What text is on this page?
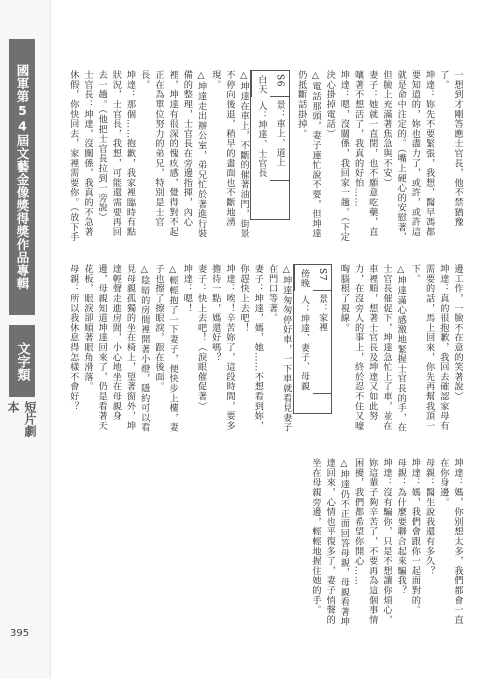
國軍第54屆文藝金像獎得獎作品專輯
文字類
短片劇本
395

一想到才剛答應士官長，他不禁猶豫了。

坤達：妳先不要緊張，我想，醫早馮都要知道的，妳也盡力了，或許，或許這就是命中注定的。（嘴上硬心的安慰著，但臉上充滿著焦急與不安）

妻子：她就一直閉，也不願意吃藥，直嚷著不想活了，我真的好怕……

坤達：嗯，沒關係，我回家一趟。（下定決心掛掉電話）

△電話那頭，妻子連忙說不要，但坤達仍抵斷話掛掉。

S6
白天
景：車上、道上
人：坤達、士官長

△坤達在車上，不斷的催著油門，街景不停向後退，稍早的畫面也不斷地湧現。

△坤達走出辦公室，弟兄忙於著進行裝備的整理，士官長在旁邊指揮，內心裡，坤達有很深的愧疚感，覺得對不起正在為單位努力的弟兄，特別是士官長。

坤達：那個……抱歉，我家裡臨時有點狀況，士官長，我想，可能還需要再回去一趟。（他把士官長拉到一旁說）

士官長：坤達，沒關係，我真的不急著休假，你快回去，家裡需要你。（放下手邊工作，一臉不在意的笑著說）

坤達：真的很抱歉，我回去確認家母有需要的話，馬上回來，你先再幫我頂一下。

△坤達滿心感激地緊握士官長的手，在士官長催促下，坤達急忙上了車，並在車裡順，想著士官長及坤達又如此努力，在沒旁人的事上，終於忍不住又嚎啕腦根了視線。

S7
傍晚
景：家裡
人：坤達、妻子、母親

△坤達匆匆停好車，一下車就看見妻子在門口等著。

妻子：坤達，媽，她……不想看到妳，你趕快上去吧！

坤達：唉！辛苦妳了，這段時間，要多擔待一點，媽還好嗎？

妻子：快上去吧！（淚眼催促著）

坤達：嗯！

△輕輕抱了一下妻子，便快步上樓，妻子也擦了擦眼淚，跟在後面。

△陰暗的房間裡開著小燈，隱約可以看見母親孤獨的坐在椅上，望著窗外，坤達輕聲走進房間，小心地坐在母親身邊，母親知道坤達回來了，仍是看著天花板，眼淚卻順著眼角滑落。

母親：所以我休息得怎樣不會好？

坤達：媽，你別想太多，我們都會一直在你身邊。

母親：醫生說我還有多久？

坤達：媽，我們會跟你一起面對的。

母親：為什麼要聯合起來騙我？

坤達：沒有騙你，只是不想讓你煩心，妳這輩子夠辛苦了，不要再為這個事情困擾，我們都希望你開心……

△坤達仍不正面回答母親，母親看著坤達回來，心情也平復多了，妻子悄聲的坐在母親旁邊，輕輕地握住她的手。
